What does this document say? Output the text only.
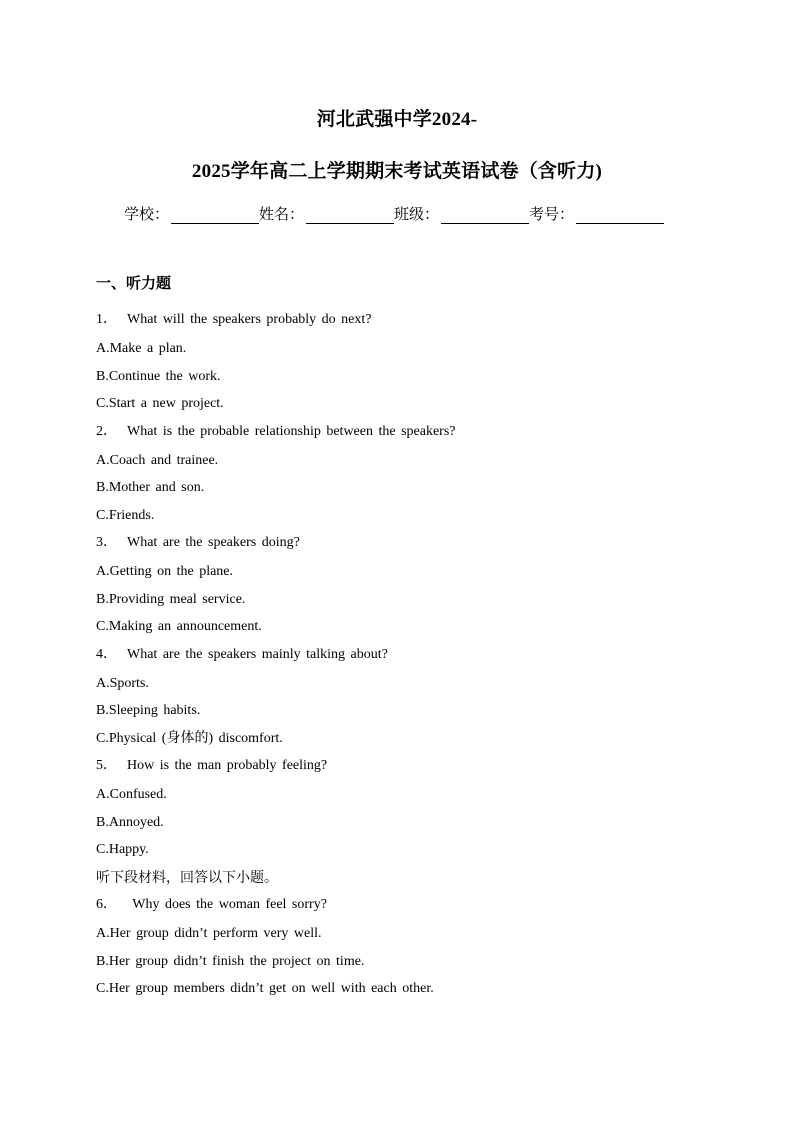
河北武强中学2024-
2025学年高二上学期期末考试英语试卷（含听力)
学校：	姓名：	班级：	考号：
一、听力题
1． What will the speakers probably do next?
A.Make a plan.
B.Continue the work.
C.Start a new project.
2． What is the probable relationship between the speakers?
A.Coach and trainee.
B.Mother and son.
C.Friends.
3． What are the speakers doing?
A.Getting on the plane.
B.Providing meal service.
C.Making an announcement.
4． What are the speakers mainly talking about?
A.Sports.
B.Sleeping habits.
C.Physical (身体的) discomfort.
5． How is the man probably feeling?
A.Confused.
B.Annoyed.
C.Happy.
听下段材料，回答以下小题。
6． Why does the woman feel sorry?
A.Her group didn’t perform very well.
B.Her group didn’t finish the project on time.
C.Her group members didn’t get on well with each other.
